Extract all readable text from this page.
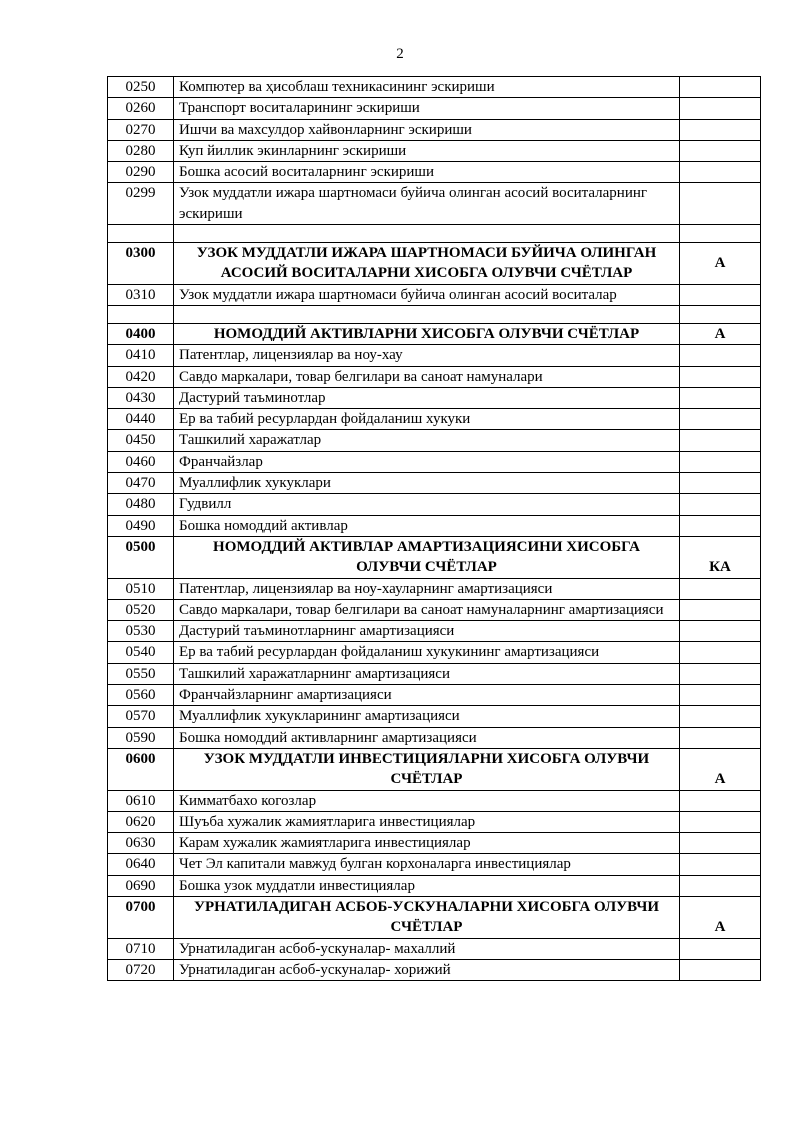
2
0250	Компютер ва ҳисоблаш техникасининг эскириши	
0260	Транспорт воситаларининг эскириши	
0270	Ишчи ва махсулдор хайвонларнинг эскириши	
0280	Куп йиллик экинларнинг эскириши	
0290	Бошка асосий воситаларнинг эскириши	
0299	Узок муддатли ижара шартномаси буйича олинган асосий воситаларнинг эскириши	

0300	УЗОК МУДДАТЛИ ИЖАРА ШАРТНОМАСИ БУЙИЧА ОЛИНГАН АСОСИЙ ВОСИТАЛАРНИ ХИСОБГА ОЛУВЧИ СЧЁТЛАР	А
0310	Узок муддатли ижара шартномаси буйича олинган асосий воситалар	

0400	НОМОДДИЙ АКТИВЛАРНИ ХИСОБГА ОЛУВЧИ СЧЁТЛАР	А
0410	Патентлар, лицензиялар ва ноу-хау	
0420	Савдо маркалари, товар белгилари ва саноат намуналари	
0430	Дастурий таъминотлар	
0440	Ер ва табий ресурлардан фойдаланиш хукуки	
0450	Ташкилий харажатлар	
0460	Франчайзлар	
0470	Муаллифлик хукуклари	
0480	Гудвилл	
0490	Бошка номоддий активлар	
0500	НОМОДДИЙ АКТИВЛАР АМАРТИЗАЦИЯСИНИ ХИСОБГА ОЛУВЧИ СЧЁТЛАР	КА
0510	Патентлар, лицензиялар ва ноу-хауларнинг амартизацияси	
0520	Савдо маркалари, товар белгилари ва саноат намуналарнинг амартизацияси	
0530	Дастурий таъминотларнинг амартизацияси	
0540	Ер ва табий ресурлардан фойдаланиш хукукининг амартизацияси	
0550	Ташкилий харажатларнинг амартизацияси	
0560	Франчайзларнинг амартизацияси	
0570	Муаллифлик хукукларининг амартизацияси	
0590	Бошка номоддий активларнинг амартизацияси	
0600	УЗОК МУДДАТЛИ ИНВЕСТИЦИЯЛАРНИ ХИСОБГА ОЛУВЧИ СЧЁТЛАР	А
0610	Кимматбахо когозлар	
0620	Шуъба хужалик жамиятларига инвестициялар	
0630	Карам хужалик жамиятларига инвестициялар	
0640	Чет Эл капитали мавжуд булган корхоналарга инвестициялар	
0690	Бошка узок муддатли инвестициялар	
0700	УРНАТИЛАДИГАН АСБОБ-УСКУНАЛАРНИ ХИСОБГА ОЛУВЧИ СЧЁТЛАР	А
0710	Урнатиладиган асбоб-ускуналар- махаллий	
0720	Урнатиладиган асбоб-ускуналар- хорижий	
